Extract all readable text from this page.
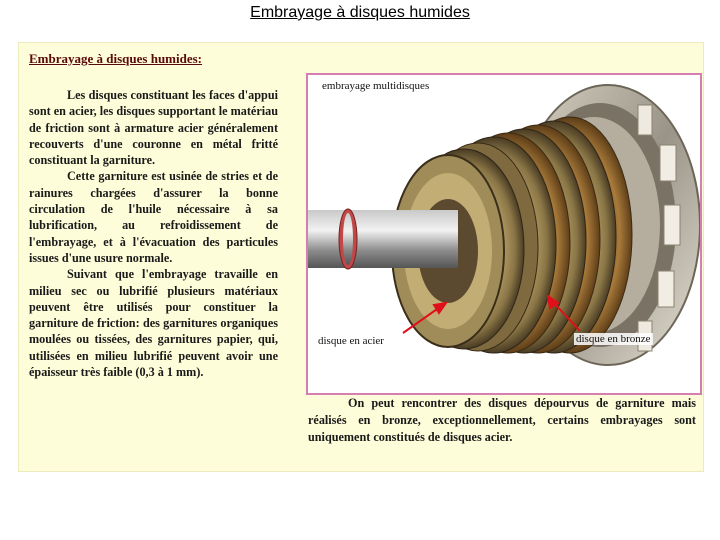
Embrayage à disques humides
Embrayage à disques humides:

Les disques constituant les faces d'appui sont en acier, les disques supportant le matériau de friction sont à armature acier généralement recouverts d'une couronne en métal fritté constituant la garniture.

Cette garniture est usinée de stries et de rainures chargées d'assurer la bonne circulation de l'huile nécessaire à sa lubrification, au refroidissement de l'embrayage, et à l'évacuation des particules issues d'une usure normale.

Suivant que l'embrayage travaille en milieu sec ou lubrifié plusieurs matériaux peuvent être utilisés pour constituer la garniture de friction: des garnitures organiques moulées ou tissées, des garnitures papier, qui, utilisées en milieu lubrifié peuvent avoir une épaisseur très faible (0,3 à 1 mm).

embrayage multidisques
disque en acier	disque en bronze

On peut rencontrer des disques dépourvus de garniture mais réalisés en bronze, exceptionnellement, certains embrayages sont uniquement constitués de disques acier.
